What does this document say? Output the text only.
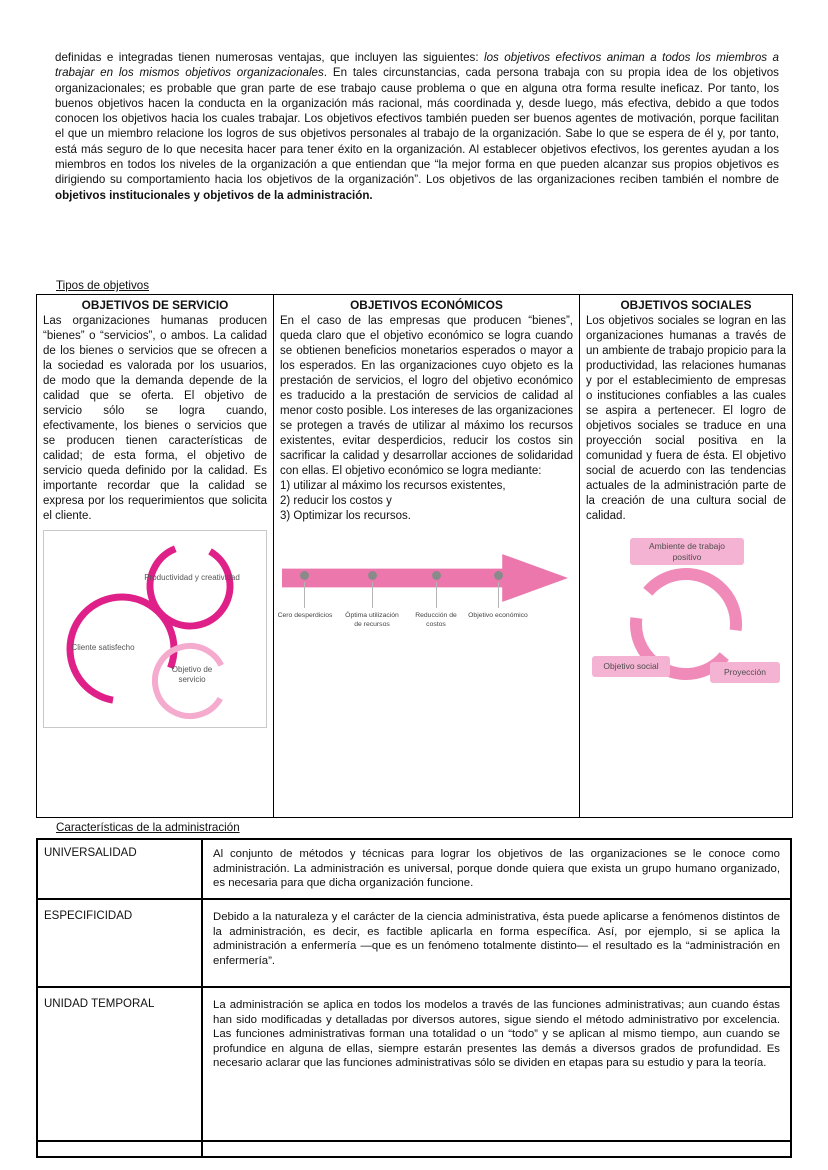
definidas e integradas tienen numerosas ventajas, que incluyen las siguientes: los objetivos efectivos animan a todos los miembros a trabajar en los mismos objetivos organizacionales. En tales circunstancias, cada persona trabaja con su propia idea de los objetivos organizacionales; es probable que gran parte de ese trabajo cause problema o que en alguna otra forma resulte ineficaz. Por tanto, los buenos objetivos hacen la conducta en la organización más racional, más coordinada y, desde luego, más efectiva, debido a que todos conocen los objetivos hacia los cuales trabajar. Los objetivos efectivos también pueden ser buenos agentes de motivación, porque facilitan el que un miembro relacione los logros de sus objetivos personales al trabajo de la organización. Sabe lo que se espera de él y, por tanto, está más seguro de lo que necesita hacer para tener éxito en la organización. Al establecer objetivos efectivos, los gerentes ayudan a los miembros en todos los niveles de la organización a que entiendan que “la mejor forma en que pueden alcanzar sus propios objetivos es dirigiendo su comportamiento hacia los objetivos de la organización”. Los objetivos de las organizaciones reciben también el nombre de objetivos institucionales y objetivos de la administración.

Tipos de objetivos
OBJETIVOS DE SERVICIO
Las organizaciones humanas producen “bienes” o “servicios”, o ambos. La calidad de los bienes o servicios que se ofrecen a la sociedad es valorada por los usuarios, de modo que la demanda depende de la calidad que se oferta. El objetivo de servicio sólo se logra cuando, efectivamente, los bienes o servicios que se producen tienen características de calidad; de esta forma, el objetivo de servicio queda definido por la calidad. Es importante recordar que la calidad se expresa por los requerimientos que solicita el cliente.
Productividad y creatividad
Cliente satisfecho
Objetivo de servicio

OBJETIVOS ECONÓMICOS
En el caso de las empresas que producen “bienes”, queda claro que el objetivo económico se logra cuando se obtienen beneficios monetarios esperados o mayor a los esperados. En las organizaciones cuyo objeto es la prestación de servicios, el logro del objetivo económico es traducido a la prestación de servicios de calidad al menor costo posible. Los intereses de las organizaciones se protegen a través de utilizar al máximo los recursos existentes, evitar desperdicios, reducir los costos sin sacrificar la calidad y desarrollar acciones de solidaridad con ellas. El objetivo económico se logra mediante:
1) utilizar al máximo los recursos existentes,
2) reducir los costos y
3) Optimizar los recursos.
Cero desperdicios	Óptima utilización de recursos
Reducción de costos
Objetivo económico

OBJETIVOS SOCIALES
Los objetivos sociales se logran en las organizaciones humanas a través de un ambiente de trabajo propicio para la productividad, las relaciones humanas y por el establecimiento de empresas o instituciones confiables a las cuales se aspira a pertenecer. El logro de objetivos sociales se traduce en una proyección social positiva en la comunidad y fuera de ésta. El objetivo social de acuerdo con las tendencias actuales de la administración parte de la creación de una cultura social de calidad.
Ambiente de trabajo positivo
Objetivo social
Proyección
Características de la administración
UNIVERSALIDAD	Al conjunto de métodos y técnicas para lograr los objetivos de las organizaciones se le conoce como administración. La administración es universal, porque donde quiera que exista un grupo humano organizado, es necesaria para que dicha organización funcione.
ESPECIFICIDAD	Debido a la naturaleza y el carácter de la ciencia administrativa, ésta puede aplicarse a fenómenos distintos de la administración, es decir, es factible aplicarla en forma específica. Así, por ejemplo, si se aplica la administración a enfermería —que es un fenómeno totalmente distinto— el resultado es la “administración en enfermería”.
UNIDAD TEMPORAL	La administración se aplica en todos los modelos a través de las funciones administrativas; aun cuando éstas han sido modificadas y detalladas por diversos autores, sigue siendo el método administrativo por excelencia. Las funciones administrativas forman una totalidad o un “todo” y se aplican al mismo tiempo, aun cuando se profundice en alguna de ellas, siempre estarán presentes las demás a diversos grados de profundidad. Es necesario aclarar que las funciones administrativas sólo se dividen en etapas para su estudio y para la teoría.
